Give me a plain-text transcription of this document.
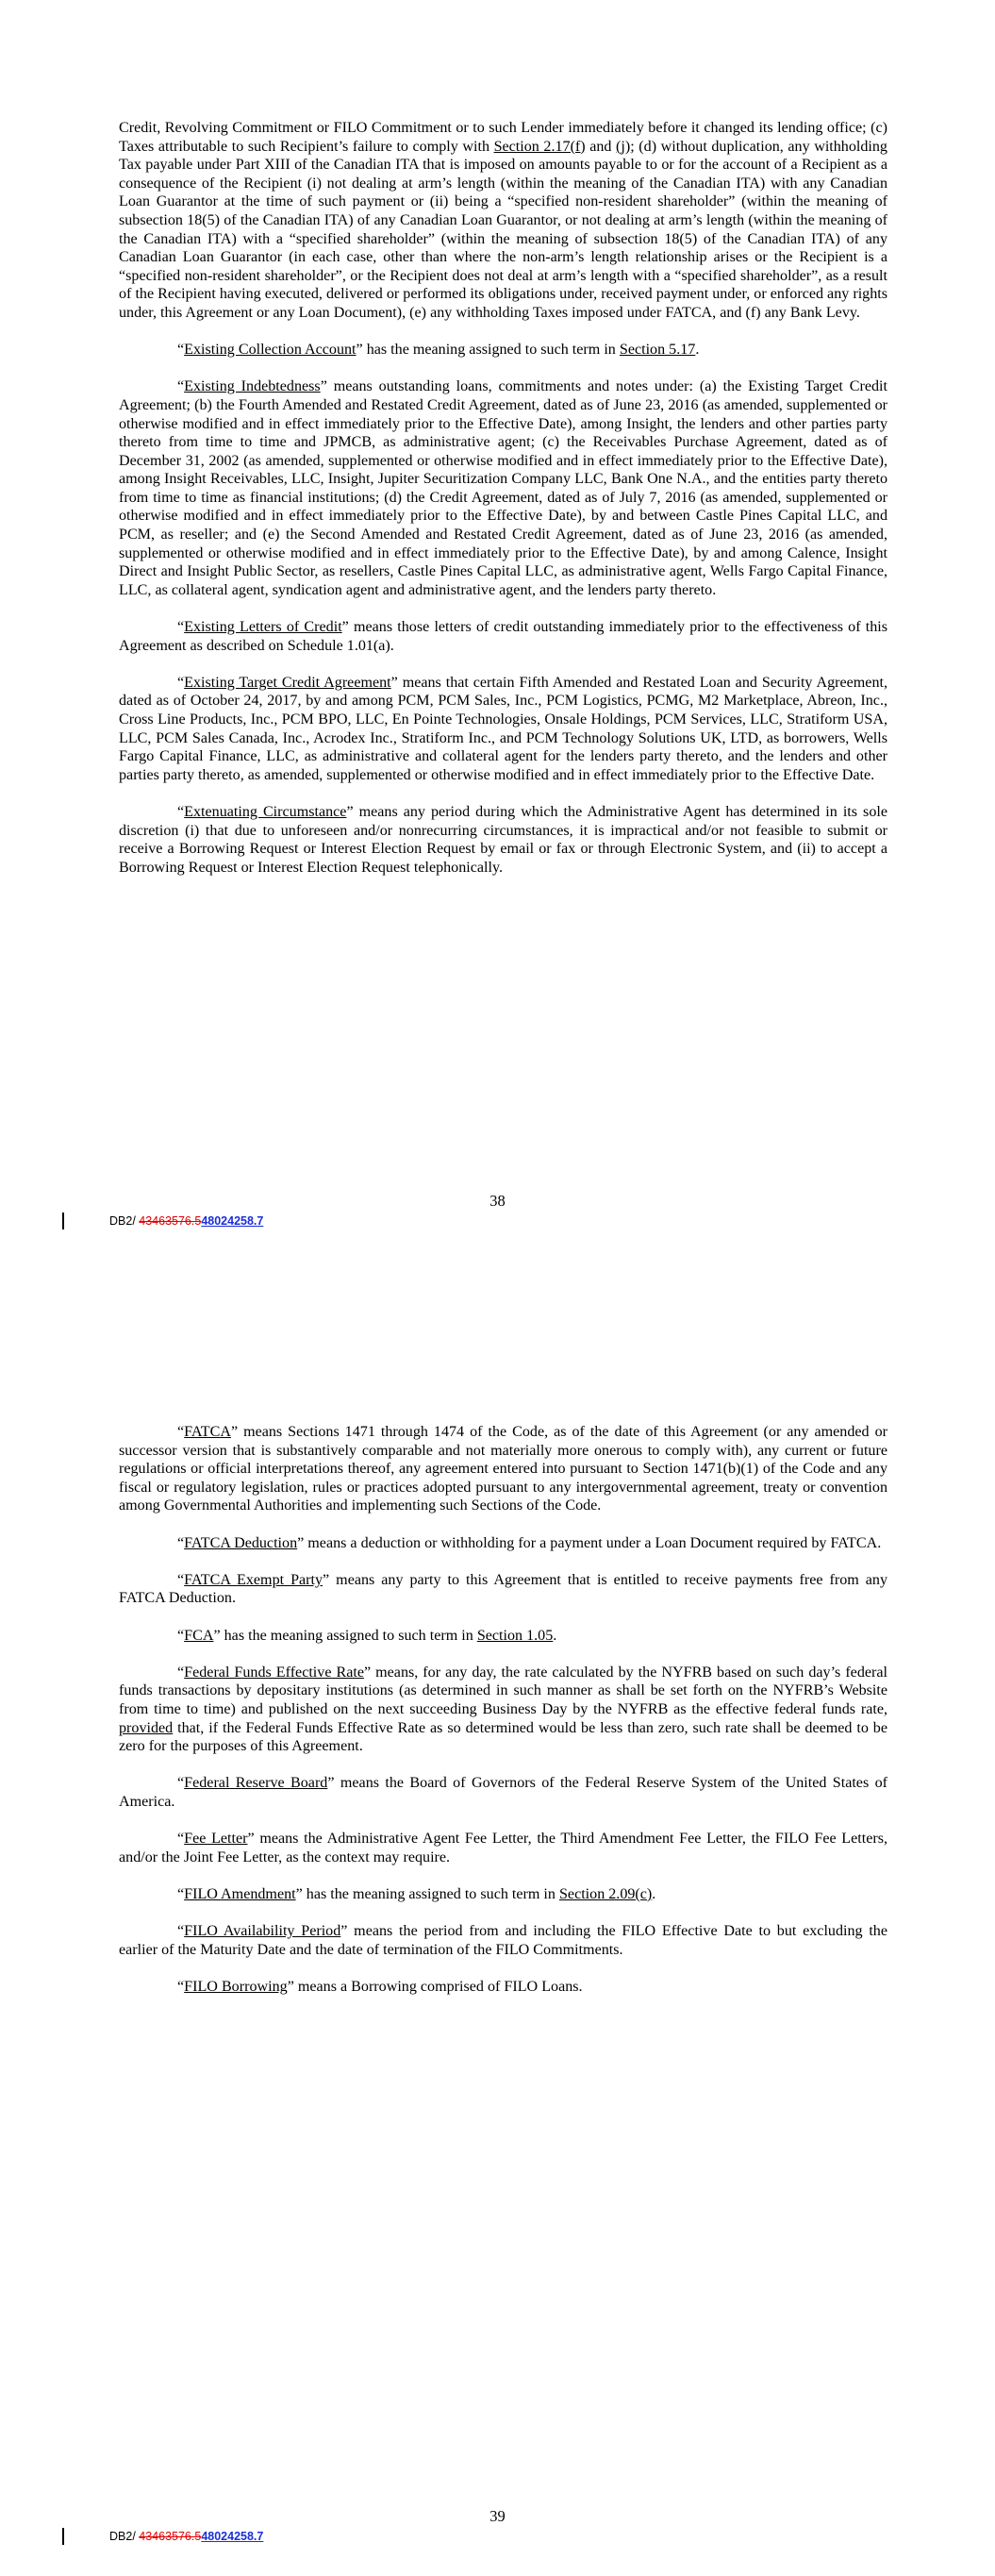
Credit, Revolving Commitment or FILO Commitment or to such Lender immediately before it changed its lending office; (c) Taxes attributable to such Recipient’s failure to comply with Section 2.17(f) and (j); (d) without duplication, any withholding Tax payable under Part XIII of the Canadian ITA that is imposed on amounts payable to or for the account of a Recipient as a consequence of the Recipient (i) not dealing at arm’s length (within the meaning of the Canadian ITA) with any Canadian Loan Guarantor at the time of such payment or (ii) being a “specified non-resident shareholder” (within the meaning of subsection 18(5) of the Canadian ITA) of any Canadian Loan Guarantor, or not dealing at arm’s length (within the meaning of the Canadian ITA) with a “specified shareholder” (within the meaning of subsection 18(5) of the Canadian ITA) of any Canadian Loan Guarantor (in each case, other than where the non-arm’s length relationship arises or the Recipient is a “specified non-resident shareholder”, or the Recipient does not deal at arm’s length with a “specified shareholder”, as a result of the Recipient having executed, delivered or performed its obligations under, received payment under, or enforced any rights under, this Agreement or any Loan Document), (e) any withholding Taxes imposed under FATCA, and (f) any Bank Levy.

“Existing Collection Account” has the meaning assigned to such term in Section 5.17.

“Existing Indebtedness” means outstanding loans, commitments and notes under: (a) the Existing Target Credit Agreement; (b) the Fourth Amended and Restated Credit Agreement, dated as of June 23, 2016 (as amended, supplemented or otherwise modified and in effect immediately prior to the Effective Date), among Insight, the lenders and other parties party thereto from time to time and JPMCB, as administrative agent; (c) the Receivables Purchase Agreement, dated as of December 31, 2002 (as amended, supplemented or otherwise modified and in effect immediately prior to the Effective Date), among Insight Receivables, LLC, Insight, Jupiter Securitization Company LLC, Bank One N.A., and the entities party thereto from time to time as financial institutions; (d) the Credit Agreement, dated as of July 7, 2016 (as amended, supplemented or otherwise modified and in effect immediately prior to the Effective Date), by and between Castle Pines Capital LLC, and PCM, as reseller; and (e) the Second Amended and Restated Credit Agreement, dated as of June 23, 2016 (as amended, supplemented or otherwise modified and in effect immediately prior to the Effective Date), by and among Calence, Insight Direct and Insight Public Sector, as resellers, Castle Pines Capital LLC, as administrative agent, Wells Fargo Capital Finance, LLC, as collateral agent, syndication agent and administrative agent, and the lenders party thereto.

“Existing Letters of Credit” means those letters of credit outstanding immediately prior to the effectiveness of this Agreement as described on Schedule 1.01(a).

“Existing Target Credit Agreement” means that certain Fifth Amended and Restated Loan and Security Agreement, dated as of October 24, 2017, by and among PCM, PCM Sales, Inc., PCM Logistics, PCMG, M2 Marketplace, Abreon, Inc., Cross Line Products, Inc., PCM BPO, LLC, En Pointe Technologies, Onsale Holdings, PCM Services, LLC, Stratiform USA, LLC, PCM Sales Canada, Inc., Acrodex Inc., Stratiform Inc., and PCM Technology Solutions UK, LTD, as borrowers, Wells Fargo Capital Finance, LLC, as administrative and collateral agent for the lenders party thereto, and the lenders and other parties party thereto, as amended, supplemented or otherwise modified and in effect immediately prior to the Effective Date.

“Extenuating Circumstance” means any period during which the Administrative Agent has determined in its sole discretion (i) that due to unforeseen and/or nonrecurring circumstances, it is impractical and/or not feasible to submit or receive a Borrowing Request or Interest Election Request by email or fax or through Electronic System, and (ii) to accept a Borrowing Request or Interest Election Request telephonically.

38
DB2/ 43463576.548024258.7

“FATCA” means Sections 1471 through 1474 of the Code, as of the date of this Agreement (or any amended or successor version that is substantively comparable and not materially more onerous to comply with), any current or future regulations or official interpretations thereof, any agreement entered into pursuant to Section 1471(b)(1) of the Code and any fiscal or regulatory legislation, rules or practices adopted pursuant to any intergovernmental agreement, treaty or convention among Governmental Authorities and implementing such Sections of the Code.

“FATCA Deduction” means a deduction or withholding for a payment under a Loan Document required by FATCA.

“FATCA Exempt Party” means any party to this Agreement that is entitled to receive payments free from any FATCA Deduction.

“FCA” has the meaning assigned to such term in Section 1.05.

“Federal Funds Effective Rate” means, for any day, the rate calculated by the NYFRB based on such day’s federal funds transactions by depositary institutions (as determined in such manner as shall be set forth on the NYFRB’s Website from time to time) and published on the next succeeding Business Day by the NYFRB as the effective federal funds rate, provided that, if the Federal Funds Effective Rate as so determined would be less than zero, such rate shall be deemed to be zero for the purposes of this Agreement.

“Federal Reserve Board” means the Board of Governors of the Federal Reserve System of the United States of America.

“Fee Letter” means the Administrative Agent Fee Letter, the Third Amendment Fee Letter, the FILO Fee Letters, and/or the Joint Fee Letter, as the context may require.

“FILO Amendment” has the meaning assigned to such term in Section 2.09(c).

“FILO Availability Period” means the period from and including the FILO Effective Date to but excluding the earlier of the Maturity Date and the date of termination of the FILO Commitments.

“FILO Borrowing” means a Borrowing comprised of FILO Loans.

39
DB2/ 43463576.548024258.7
